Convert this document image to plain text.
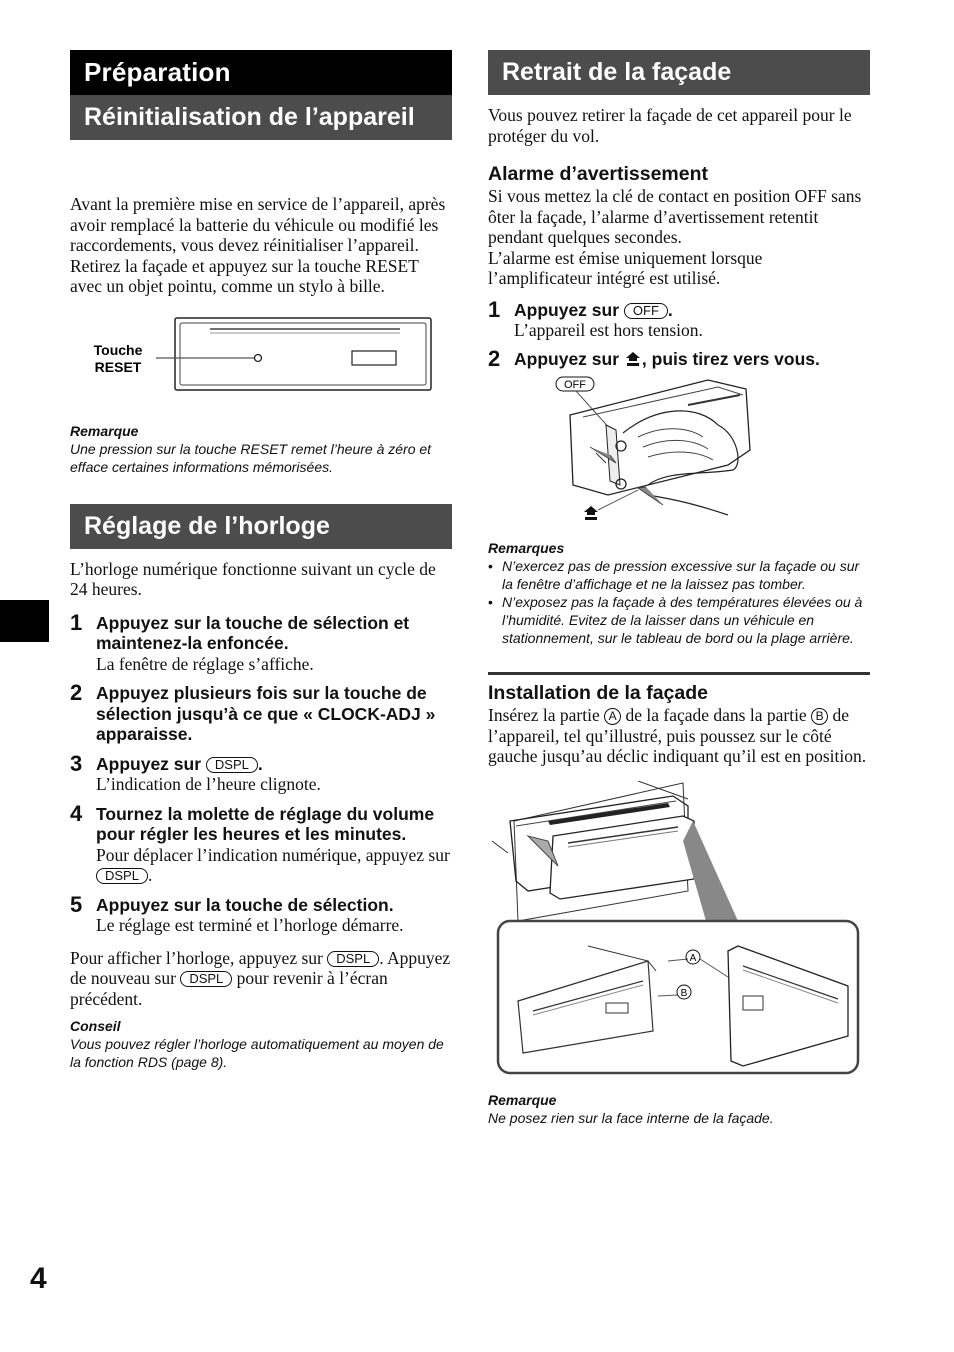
Préparation
Réinitialisation de l’appareil

Avant la première mise en service de l’appareil, après avoir remplacé la batterie du véhicule ou modifié les raccordements, vous devez réinitialiser l’appareil.

Retirez la façade et appuyez sur la touche RESET avec un objet pointu, comme un stylo à bille.

Touche
RESET

Remarque

Une pression sur la touche RESET remet l’heure à zéro et efface certaines informations mémorisées.

Réglage de l’horloge

L’horloge numérique fonctionne suivant un cycle de 24 heures.

1 Appuyez sur la touche de sélection et maintenez-la enfoncée.
La fenêtre de réglage s’affiche.
2 Appuyez plusieurs fois sur la touche de sélection jusqu’à ce que « CLOCK-ADJ » apparaisse.
3 Appuyez sur DSPL .
L’indication de l’heure clignote.
4 Tournez la molette de réglage du volume pour régler les heures et les minutes.
Pour déplacer l’indication numérique, appuyez sur DSPL .
5 Appuyez sur la touche de sélection.
Le réglage est terminé et l’horloge démarre.

Pour afficher l’horloge, appuyez sur DSPL . Appuyez de nouveau sur DSPL pour revenir à l’écran précédent.

Conseil

Vous pouvez régler l’horloge automatiquement au moyen de la fonction RDS (page 8).

Retrait de la façade

Vous pouvez retirer la façade de cet appareil pour le protéger du vol.

Alarme d’avertissement

Si vous mettez la clé de contact en position OFF sans ôter la façade, l’alarme d’avertissement retentit pendant quelques secondes.

L’alarme est émise uniquement lorsque l’amplificateur intégré est utilisé.

1 Appuyez sur OFF .
L’appareil est hors tension.
2 Appuyez sur , puis tirez vers vous.
OFF

Remarques

• N’exercez pas de pression excessive sur la façade ou sur la fenêtre d’affichage et ne la laissez pas tomber.
• N’exposez pas la façade à des températures élevées ou à l’humidité. Evitez de la laisser dans un véhicule en stationnement, sur le tableau de bord ou la plage arrière.

Installation de la façade

Insérez la partie A de la façade dans la partie B de l’appareil, tel qu’illustré, puis poussez sur le côté gauche jusqu’au déclic indiquant qu’il est en position.

A
B

Remarque

Ne posez rien sur la face interne de la façade.

4
